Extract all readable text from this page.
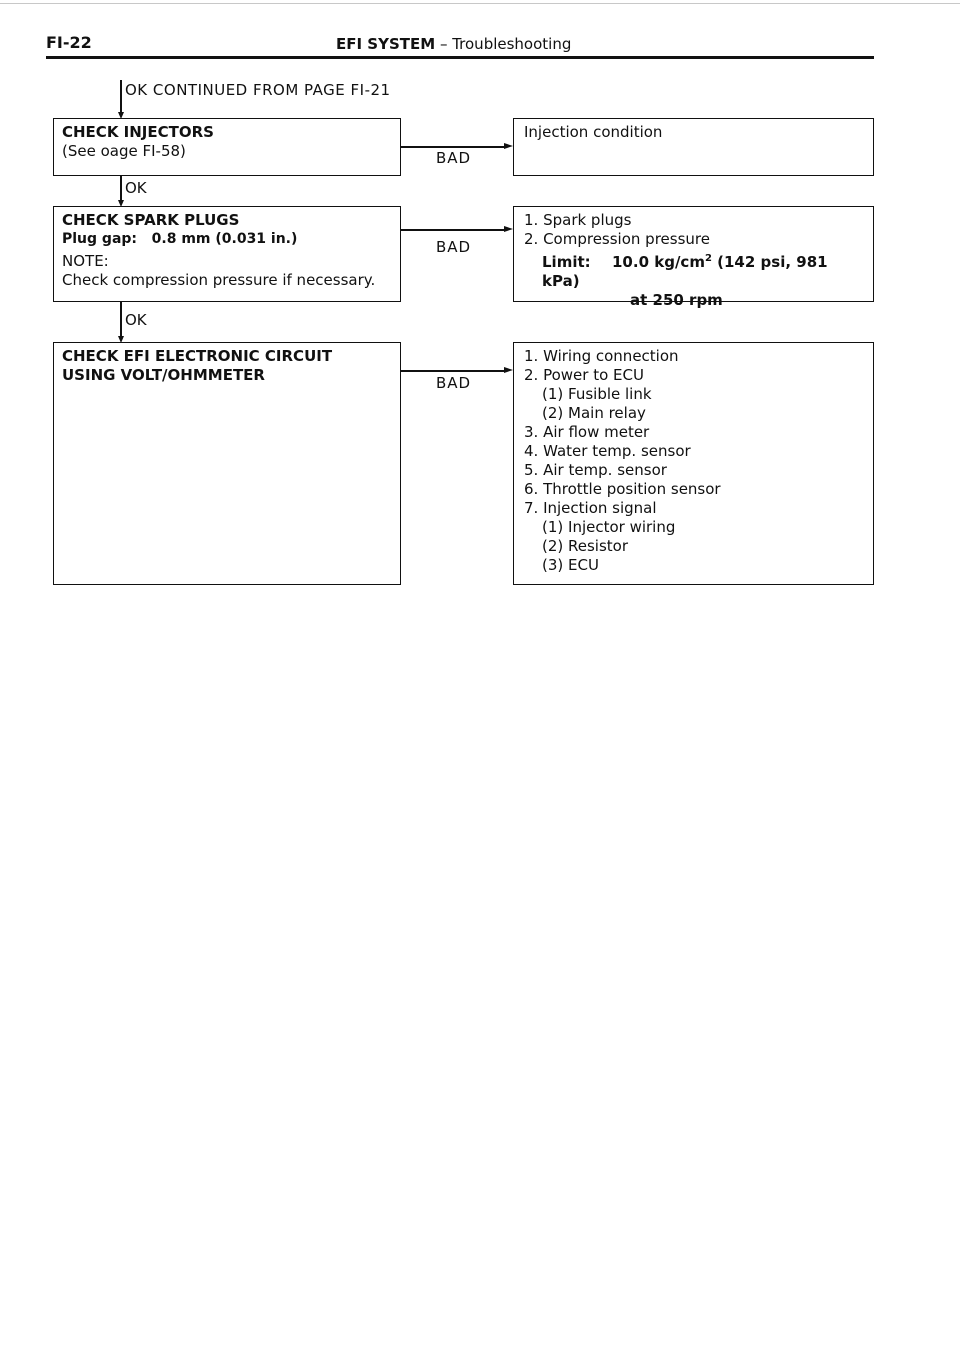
FI-22	EFI SYSTEM – Troubleshooting
OK CONTINUED FROM PAGE FI-21
CHECK INJECTORS
(See oage FI-58)	BAD
Injection condition
OK
CHECK SPARK PLUGS
Plug gap: 0.8 mm (0.031 in.)
NOTE:
Check compression pressure if necessary.
BAD
1. Spark plugs
2. Compression pressure
Limit: 10.0 $kg/cm^2$ (142 psi, 981 kPa)
at 250 rpm
OK
CHECK EFI ELECTRONIC CIRCUIT
USING VOLT/OHMMETER	BAD
1. Wiring connection
2. Power to ECU
(1) Fusible link
(2) Main relay
3. Air flow meter
4. Water temp. sensor
5. Air temp. sensor
6. Throttle position sensor
7. Injection signal
(1) Injector wiring
(2) Resistor
(3) ECU
